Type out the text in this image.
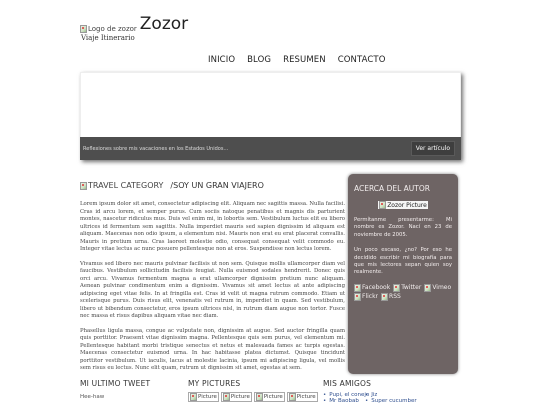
Logo de zozor Zozor
Viaje Itinerario
INICIO BLOG RESUMEN CONTACTO
Reflexiones sobre mis vacaciones en los Estados Unidos…	Ver artículo
TRAVEL CATEGORY /SOY UN GRAN VIAJERO

Lorem ipsum dolor sit amet, consectetur adipiscing elit. Aliquam nec sagittis massa. Nulla facilisi. Cras id arcu lorem, et semper purus. Cum sociis natoque penatibus et magnis dis parturient montes, nascetur ridiculus mus. Duis vel enim mi, in lobortis sem. Vestibulum luctus elit eu libero ultrices id fermentum sem sagittis. Nulla imperdiet mauris sed sapien dignissim id aliquam est aliquam. Maecenas non odio ipsum, a elementum nisi. Mauris non erat eu erat placerat convallis. Mauris in pretium urna. Cras laoreet molestie odio, consequat consequat velit commodo eu. Integer vitae lectus ac nunc posuere pellentesque non at eros. Suspendisse non lectus lorem.

Vivamus sed libero nec mauris pulvinar facilisis ut non sem. Quisque mollis ullamcorper diam vel faucibus. Vestibulum sollicitudin facilisis feugiat. Nulla euismod sodales hendrerit. Donec quis orci arcu. Vivamus fermentum magna a erat ullamcorper dignissim pretium nunc aliquam. Aenean pulvinar condimentum enim a dignissim. Vivamus sit amet lectus at ante adipiscing adipiscing eget vitae felis. In at fringilla est. Cras id velit ut magna rutrum commodo. Etiam ut scelerisque purus. Duis risus elit, venenatis vel rutrum in, imperdiet in quam. Sed vestibulum, libero ut bibendum consectetur, eros ipsum ultrices nisl, in rutrum diam augue non tortor. Fusce nec massa et risus dapibus aliquam vitae nec diam.

Phasellus ligula massa, congue ac vulputate non, dignissim at augue. Sed auctor fringilla quam quis porttitor. Praesent vitae dignissim magna. Pellentesque quis sem purus, vel elementum mi. Pellentesque habitant morbi tristique senectus et netus et malesuada fames ac turpis egestas. Maecenas consectetur euismod urna. In hac habitasse platea dictumst. Quisque tincidunt porttitor vestibulum. Ut iaculis, lacus at molestie lacinia, ipsum mi adipiscing ligula, vel mollis sem risus eu lectus. Nunc elit quam, rutrum ut dignissim sit amet, egestas at sem.

ACERCA DEL AUTOR
Zozor Picture

Permítanme presentarme: Mi nombre es Zozor. Nací en 23 de noviembre de 2005.

Un poco escaso, ¿no? Por eso he decidido escribir mi biografía para que mis lectores sepan quien soy realmente.

Facebook Twitter Vimeo
Flickr RSS
MI ULTIMO TWEET
Hee-haw
MY PICTURES
Picture	Picture	Picture	Picture
MIS AMIGOS
• Pupi, el conejo • Jiz
• Mr Baobab	• Super cucumber
